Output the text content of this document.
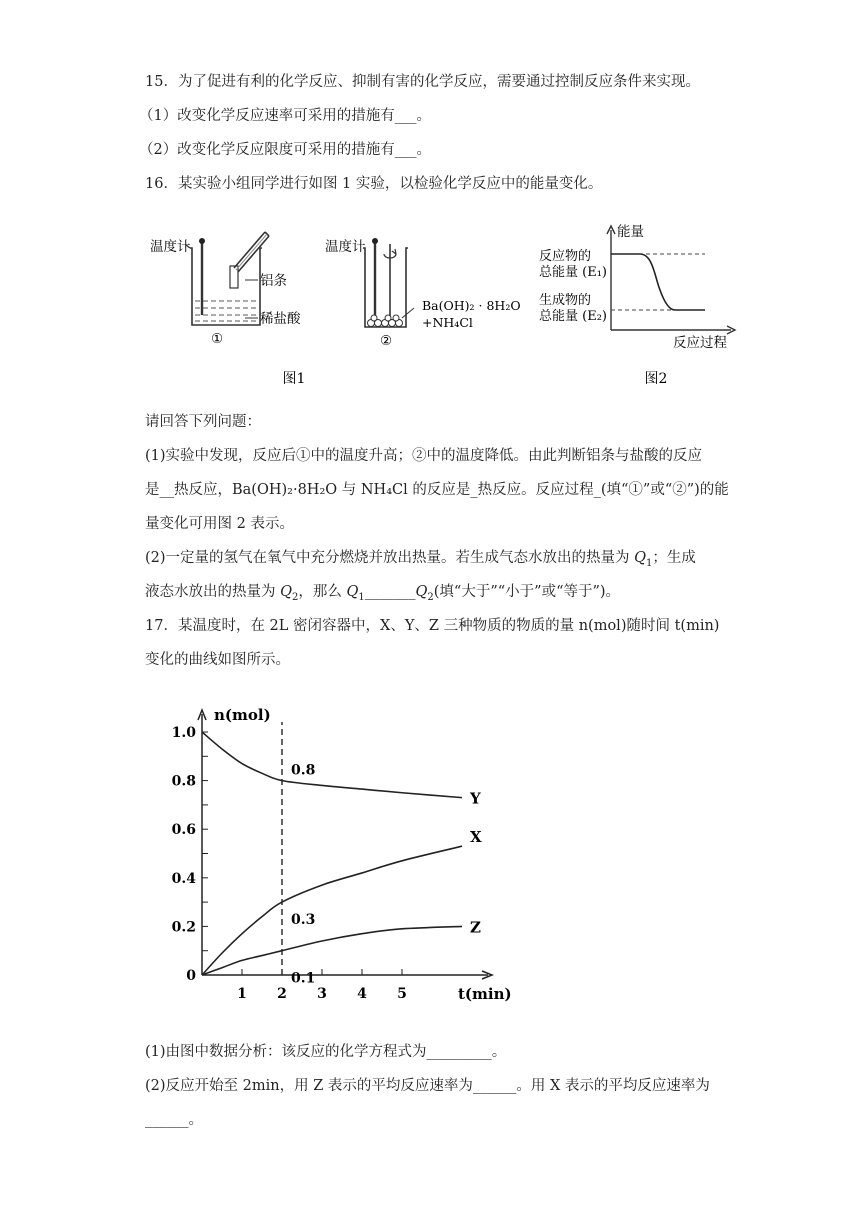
15．为了促进有利的化学反应、抑制有害的化学反应，需要通过控制反应条件来实现。
（1）改变化学反应速率可采用的措施有___。
（2）改变化学反应限度可采用的措施有___。
16．某实验小组同学进行如图 1 实验，以检验化学反应中的能量变化。
温度计
铝条
稀盐酸
①
温度计
Ba(OH)₂ · 8H₂O
+NH₄Cl
②
图1
能量
反应物的
总能量 (E₁)
生成物的
总能量 (E₂)
反应过程
图2
请回答下列问题：
(1)实验中发现，反应后①中的温度升高；②中的温度降低。由此判断铝条与盐酸的反应
是__热反应，Ba(OH)₂·8H₂O 与 NH₄Cl 的反应是_热反应。反应过程_(填“①”或“②”)的能
量变化可用图 2 表示。
(2)一定量的氢气在氧气中充分燃烧并放出热量。若生成气态水放出的热量为 $Q_1$；生成
液态水放出的热量为 $Q_2$，那么 $Q_1\_\_\_\_\_\_\_Q_2$(填“大于”“小于”或“等于”)。
17．某温度时，在 2L 密闭容器中，X、Y、Z 三种物质的物质的量 n(mol)随时间 t(min)
变化的曲线如图所示。
0
0.2
0.4
0.6
0.8
1.0
1 2 3 4 5
Y
X
Z
0.8
0.3
0.1
n(mol)
t(min)
(1)由图中数据分析：该反应的化学方程式为_________。
(2)反应开始至 2min，用 Z 表示的平均反应速率为______。用 X 表示的平均反应速率为
______。
